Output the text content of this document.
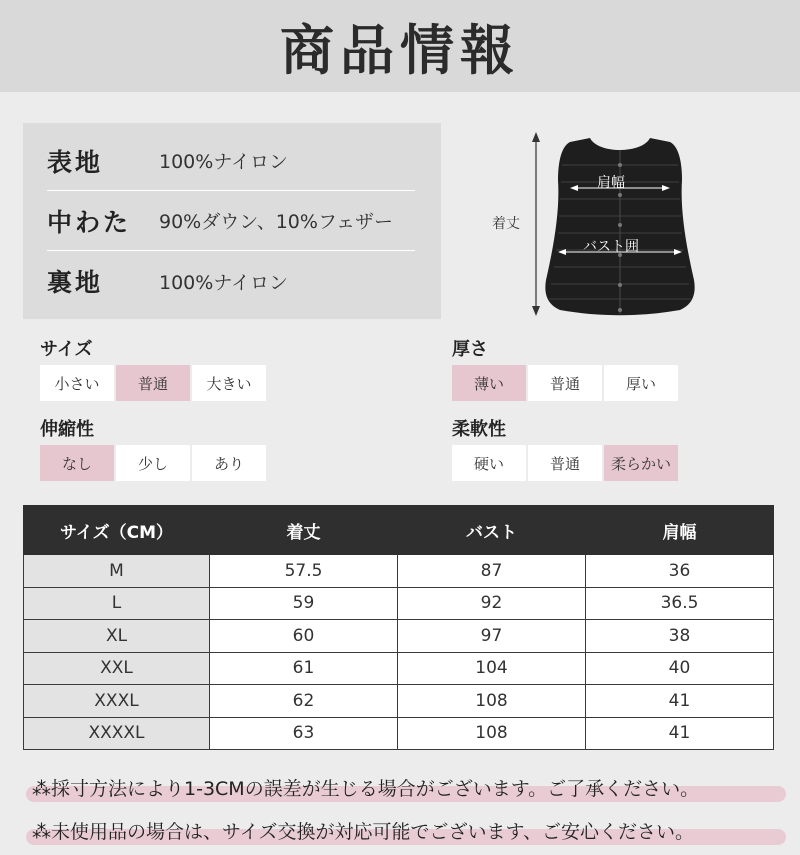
商品情報
表地	100%ナイロン
中わた	90%ダウン、10%フェザー
裏地	100%ナイロン
着丈
肩幅
バスト囲
サイズ
小さい	普通	大きい
厚さ
薄い	普通	厚い
伸縮性
なし	少し	あり
柔軟性
硬い	普通	柔らかい
サイズ（CM）	着丈	バスト	肩幅
M	57.5	87	36
L	59	92	36.5
XL	60	97	38
XXL	61	104	40
XXXL	62	108	41
XXXXL	63	108	41
⁂採寸方法により1-3CMの誤差が生じる場合がございます。ご了承ください。
⁂未使用品の場合は、サイズ交換が対応可能でございます、ご安心ください。
